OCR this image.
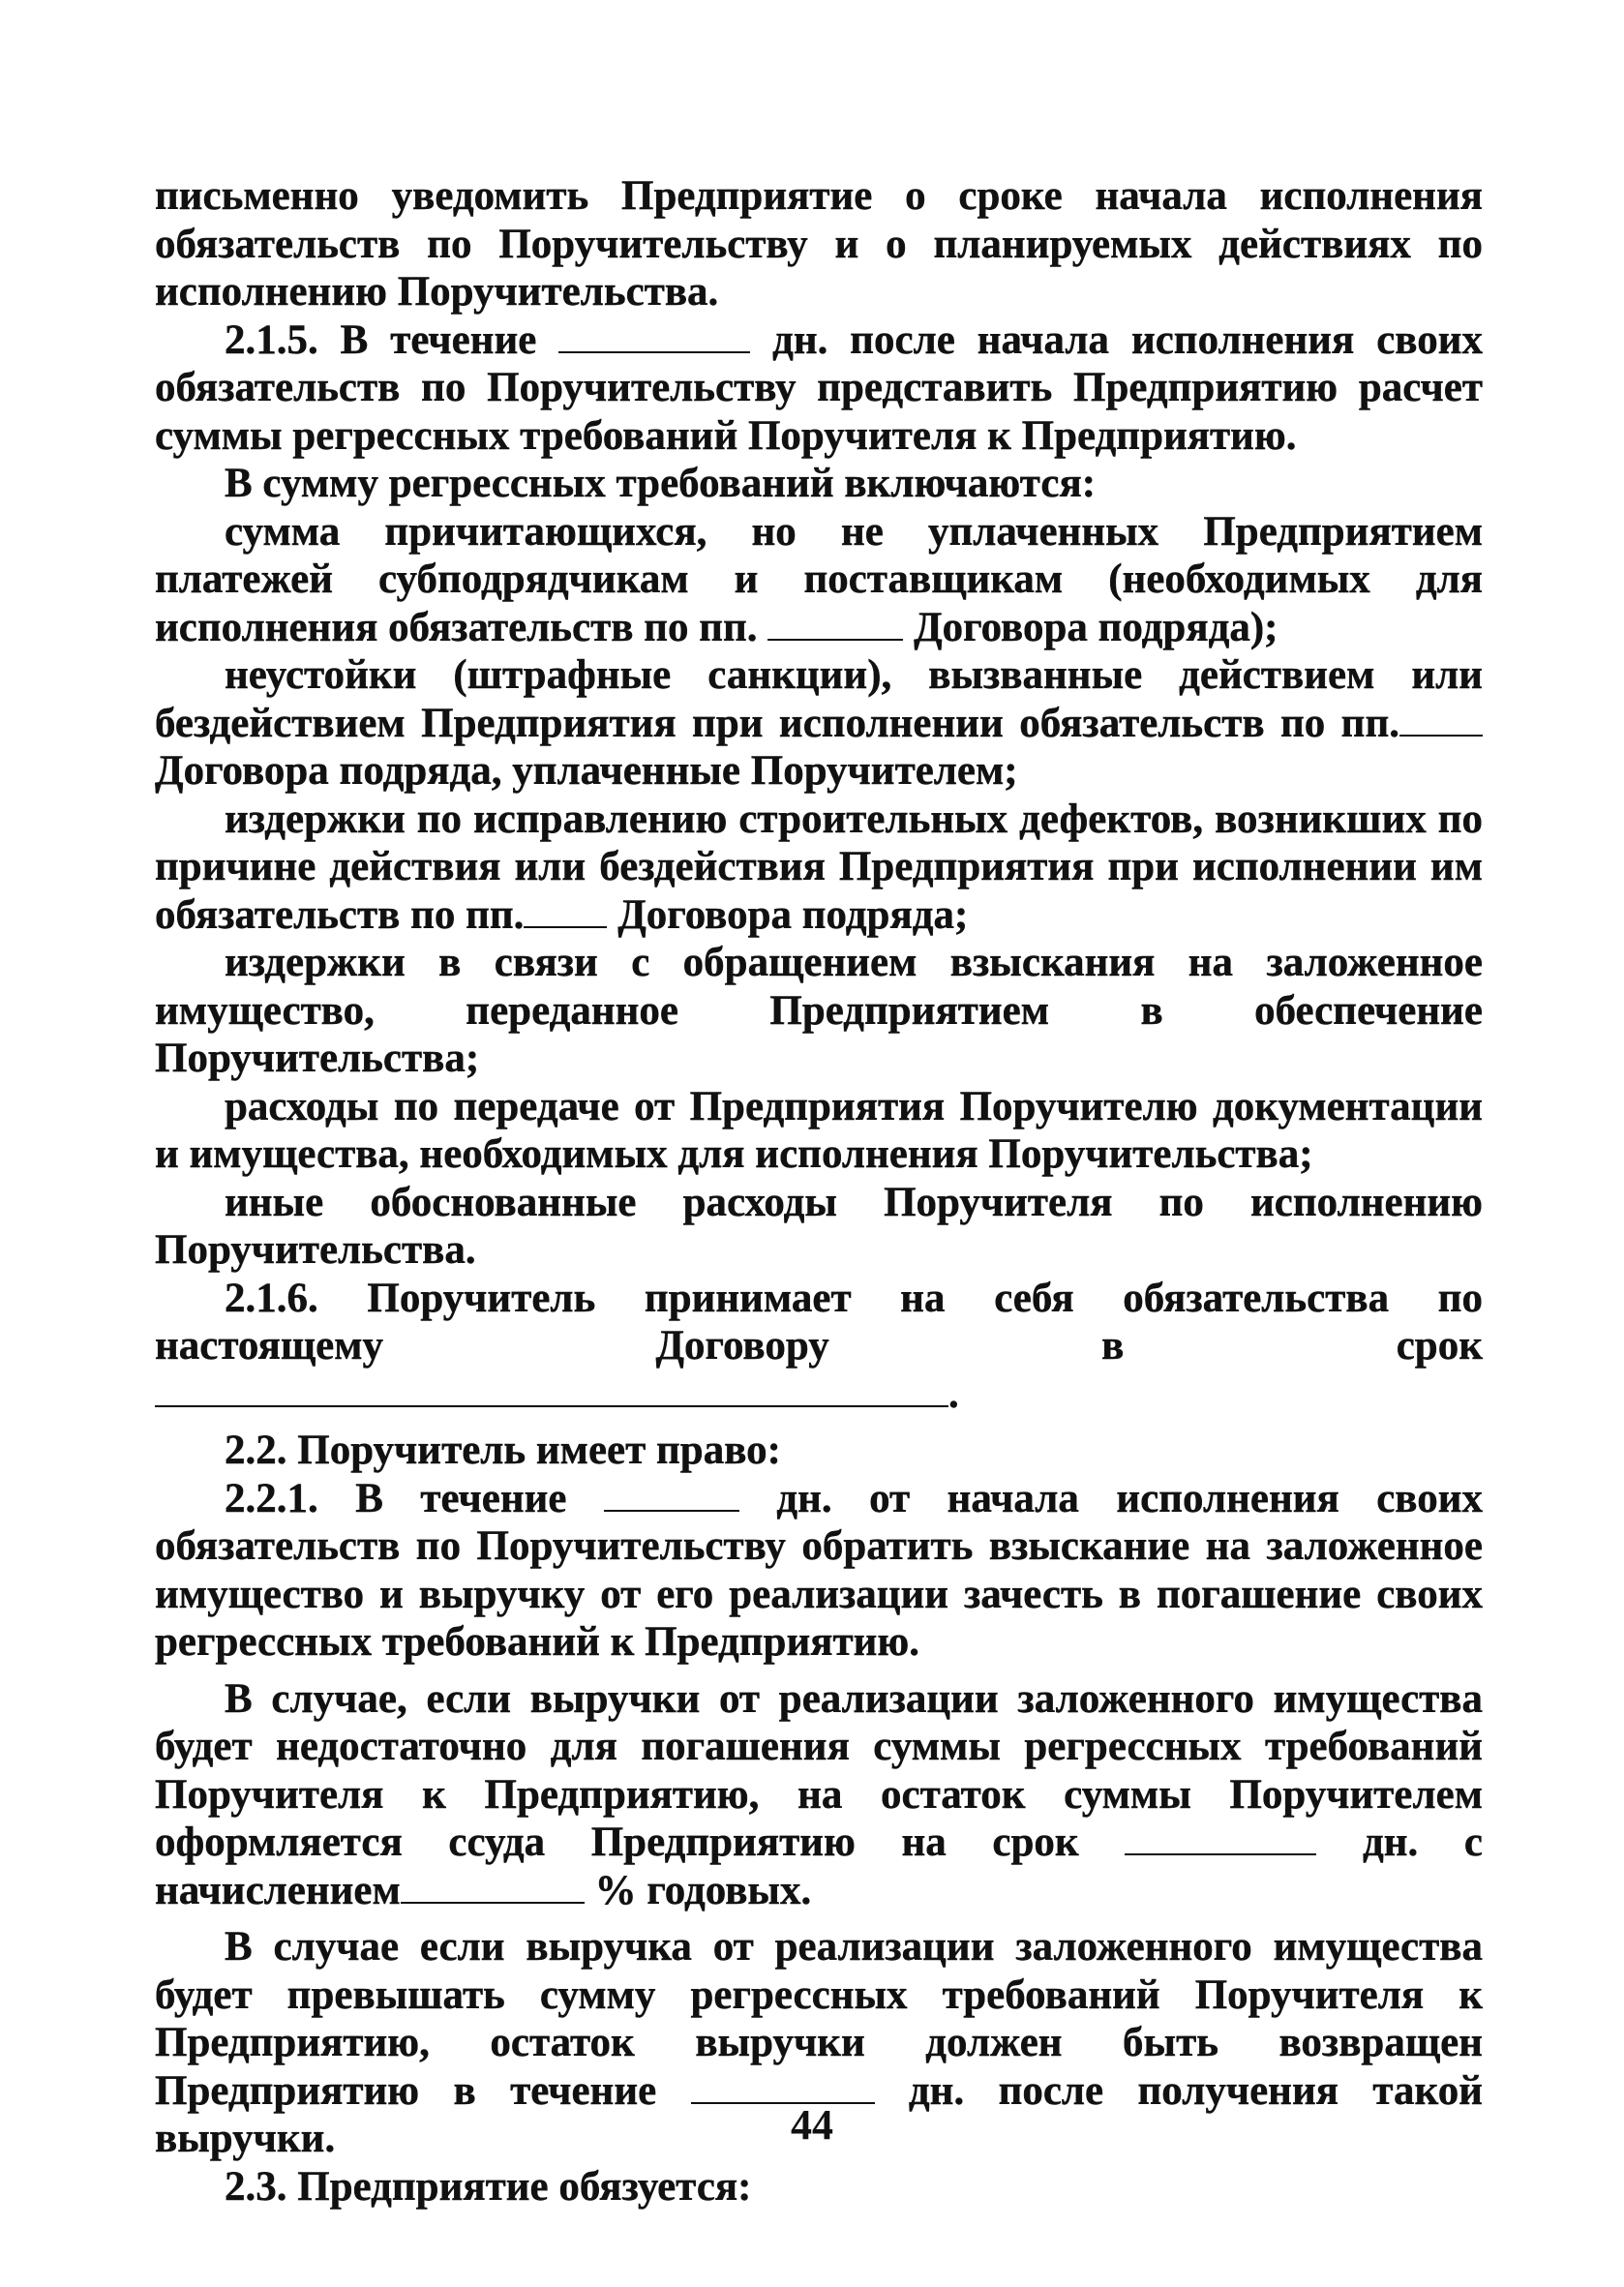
письменно уведомить Предприятие о сроке начала исполнения обязательств по Поручительству и о планируемых действиях по исполнению Поручительства.

2.1.5. В течение	дн. после начала исполнения своих обязательств по Поручительству представить Предприятию расчет суммы регрессных требований Поручителя к Предприятию.

В сумму регрессных требований включаются:

сумма причитающихся, но не уплаченных Предприятием платежей субподрядчикам и поставщикам (необходимых для исполнения обязательств по пп.	Договора подряда);

неустойки (штрафные санкции), вызванные действием или бездействием Предприятия при исполнении обязательств по пп. Договора подряда, уплаченные Поручителем;

издержки по исправлению строительных дефектов, возникших по причине действия или бездействия Предприятия при исполнении им обязательств по пп. Договора подряда;

издержки в связи с обращением взыскания на заложенное имущество, переданное Предприятием в обеспечение Поручительства;

расходы по передаче от Предприятия Поручителю документации и имущества, необходимых для исполнения Поручительства;

иные обоснованные расходы Поручителя по исполнению Поручительства.

2.1.6. Поручитель принимает на себя обязательства по настоящему Договору в срок .

2.2. Поручитель имеет право:

2.2.1. В течение	дн. от начала исполнения своих обязательств по Поручительству обратить взыскание на заложенное имущество и выручку от его реализации зачесть в погашение своих регрессных требований к Предприятию.

В случае, если выручки от реализации заложенного имущества будет недостаточно для погашения суммы регрессных требований Поручителя к Предприятию, на остаток суммы Поручителем оформляется ссуда Предприятию на срок	дн. с начислением	% годовых.

В случае если выручка от реализации заложенного имущества будет превышать сумму регрессных требований Поручителя к Предприятию, остаток выручки должен быть возвращен Предприятию в течение	дн. после получения такой выручки.

2.3. Предприятие обязуется:

44
